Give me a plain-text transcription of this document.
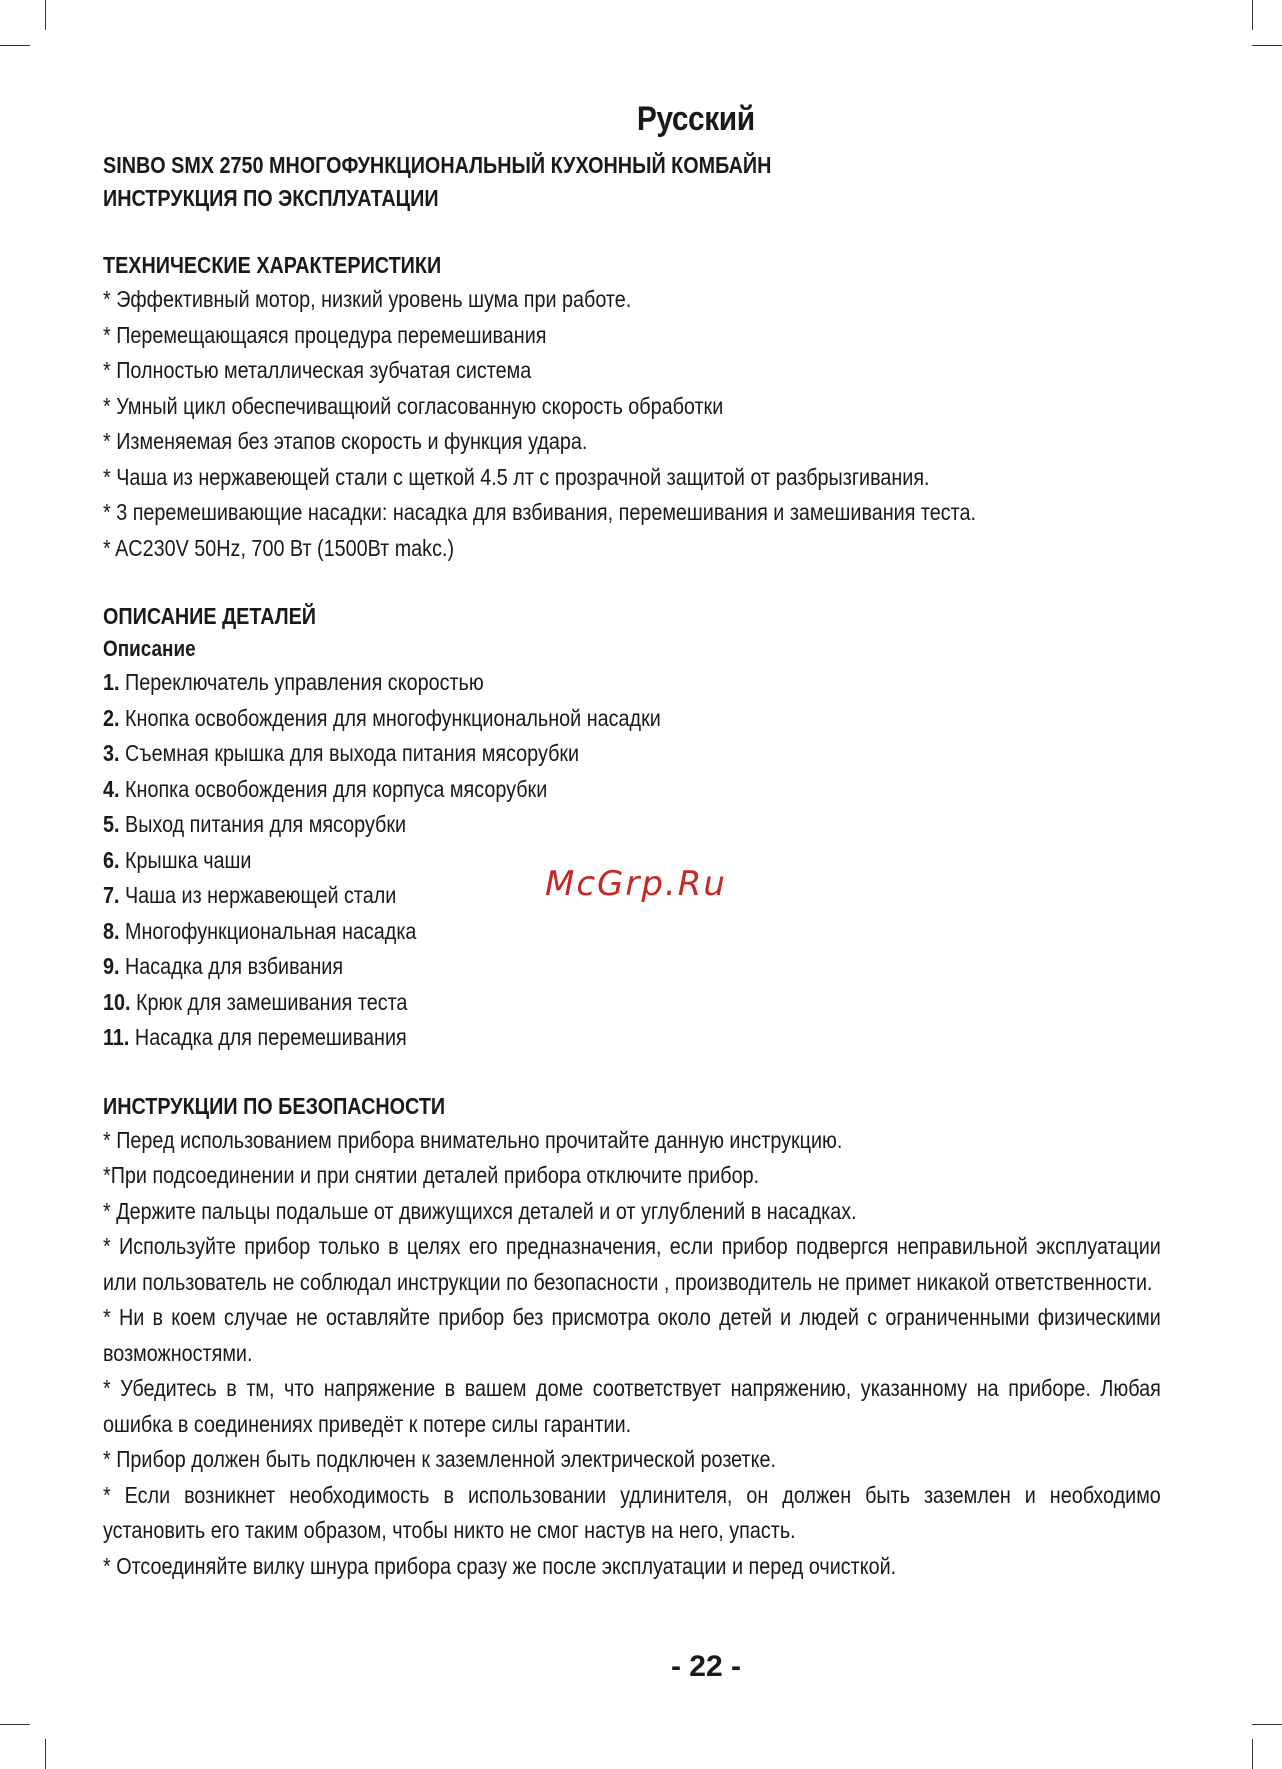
Русский
SINBO SMX 2750 МНОГОФУНКЦИОНАЛЬНЫЙ КУХОННЫЙ КОМБАЙН
ИНСТРУКЦИЯ ПО ЭКСПЛУАТАЦИИ
ТЕХНИЧЕСКИЕ ХАРАКТЕРИСТИКИ
* Эффективный мотор, низкий уровень шума при работе.
* Перемещающаяся процедура перемешивания
* Полностью металлическая зубчатая система
* Умный цикл обеспечиващюий согласованную скорость обработки
* Изменяемая без этапов скорость и функция удара.
* Чаша из нержавеющей стали с щеткой 4.5 лт с прозрачной защитой от разбрызгивания.
* 3 перемешивающие насадки: насадка для взбивания, перемешивания и замешивания теста.
* AC230V 50Hz, 700 Вт (1500Вт makc.)
ОПИСАНИЕ ДЕТАЛЕЙ
Описание
1. Переключатель управления скоростью
2. Кнопка освобождения для многофункциональной насадки
3. Съемная крышка для выхода питания мясорубки
4. Кнопка освобождения для корпуса мясорубки
5. Выход питания для мясорубки
6. Крышка чаши
7. Чаша из нержавеющей стали
8. Многофункциональная насадка
9. Насадка для взбивания
10. Крюк для замешивания теста
11. Насадка для перемешивания
ИНСТРУКЦИИ ПО БЕЗОПАСНОСТИ
* Перед использованием прибора внимательно прочитайте данную инструкцию.
*При подсоединении и при снятии деталей прибора отключите прибор.
* Держите пальцы подальше от движущихся деталей и от углублений в насадках.
* Используйте прибор только в целях его предназначения, если прибор подвергся неправильной эксплуатации или пользователь не соблюдал инструкции по безопасности , производитель не примет никакой ответственности.
* Ни в коем случае не оставляйте прибор без присмотра около детей и людей с ограниченными физическими возможностями.
* Убедитесь в тм, что напряжение в вашем доме соответствует напряжению, указанному на приборе. Любая ошибка в соединениях приведёт к потере силы гарантии.
* Прибор должен быть подключен к заземленной электрической розетке.
* Если возникнет необходимость в использовании удлинителя, он должен быть заземлен и необходимо установить его таким образом, чтобы никто не смог настув на него, упасть.
* Отсоединяйте вилку шнура прибора сразу же после эксплуатации и перед очисткой.
McGrp.Ru
- 22 -
